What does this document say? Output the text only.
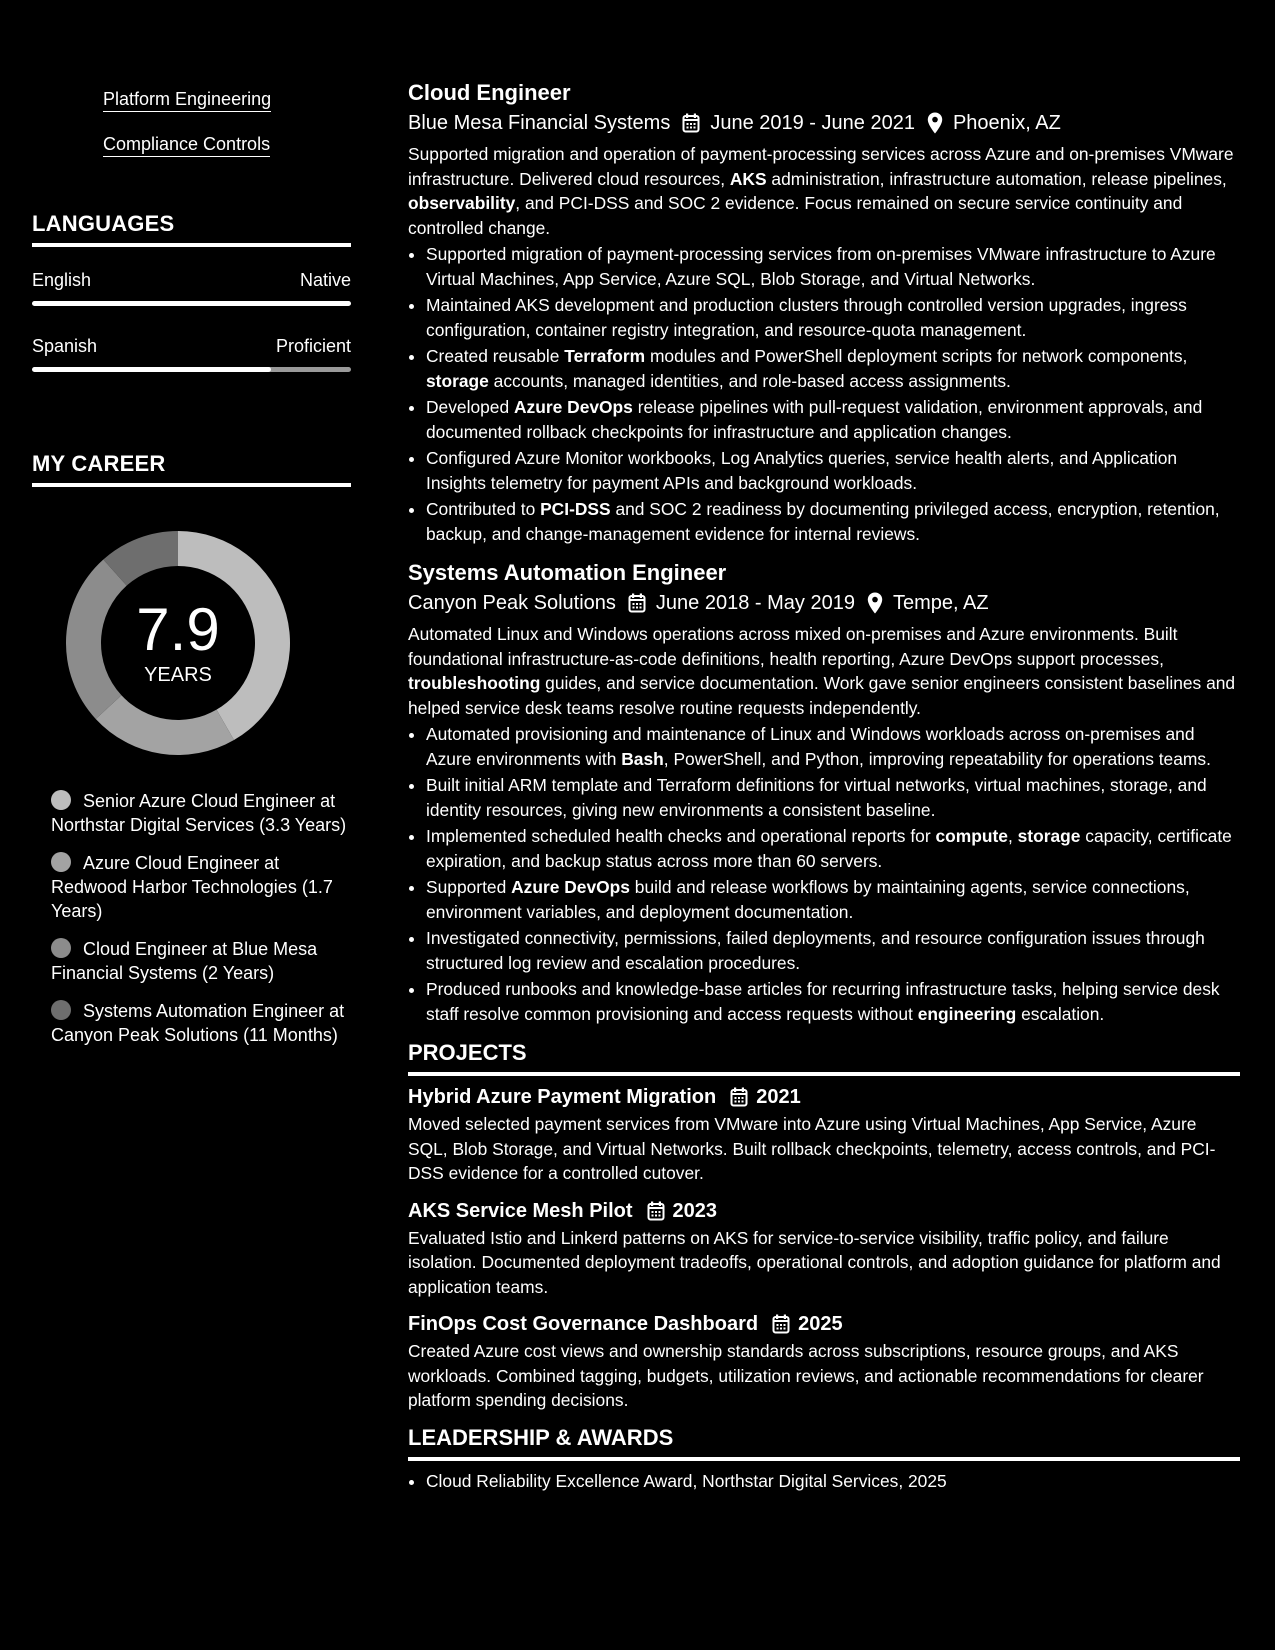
Platform Engineering
Compliance Controls
LANGUAGES
English	Native
Spanish	Proficient
MY CAREER
7.9
YEARS
Senior Azure Cloud Engineer at Northstar Digital Services (3.3 Years)
Azure Cloud Engineer at Redwood Harbor Technologies (1.7 Years)
Cloud Engineer at Blue Mesa Financial Systems (2 Years)
Systems Automation Engineer at Canyon Peak Solutions (11 Months)
Cloud Engineer
Blue Mesa Financial Systems June 2019 - June 2021 Phoenix, AZ
Supported migration and operation of payment-processing services across Azure and on-premises VMware infrastructure. Delivered cloud resources, AKS administration, infrastructure automation, release pipelines, observability, and PCI-DSS and SOC 2 evidence. Focus remained on secure service continuity and controlled change.
• Supported migration of payment-processing services from on-premises VMware infrastructure to Azure Virtual Machines, App Service, Azure SQL, Blob Storage, and Virtual Networks.
• Maintained AKS development and production clusters through controlled version upgrades, ingress configuration, container registry integration, and resource-quota management.
• Created reusable Terraform modules and PowerShell deployment scripts for network components, storage accounts, managed identities, and role-based access assignments.
• Developed Azure DevOps release pipelines with pull-request validation, environment approvals, and documented rollback checkpoints for infrastructure and application changes.
• Configured Azure Monitor workbooks, Log Analytics queries, service health alerts, and Application Insights telemetry for payment APIs and background workloads.
• Contributed to PCI-DSS and SOC 2 readiness by documenting privileged access, encryption, retention, backup, and change-management evidence for internal reviews.
Systems Automation Engineer
Canyon Peak Solutions June 2018 - May 2019 Tempe, AZ
Automated Linux and Windows operations across mixed on-premises and Azure environments. Built foundational infrastructure-as-code definitions, health reporting, Azure DevOps support processes, troubleshooting guides, and service documentation. Work gave senior engineers consistent baselines and helped service desk teams resolve routine requests independently.
• Automated provisioning and maintenance of Linux and Windows workloads across on-premises and Azure environments with Bash, PowerShell, and Python, improving repeatability for operations teams.
• Built initial ARM template and Terraform definitions for virtual networks, virtual machines, storage, and identity resources, giving new environments a consistent baseline.
• Implemented scheduled health checks and operational reports for compute, storage capacity, certificate expiration, and backup status across more than 60 servers.
• Supported Azure DevOps build and release workflows by maintaining agents, service connections, environment variables, and deployment documentation.
• Investigated connectivity, permissions, failed deployments, and resource configuration issues through structured log review and escalation procedures.
• Produced runbooks and knowledge-base articles for recurring infrastructure tasks, helping service desk staff resolve common provisioning and access requests without engineering escalation.
PROJECTS
Hybrid Azure Payment Migration 2021
Moved selected payment services from VMware into Azure using Virtual Machines, App Service, Azure SQL, Blob Storage, and Virtual Networks. Built rollback checkpoints, telemetry, access controls, and PCI-DSS evidence for a controlled cutover.
AKS Service Mesh Pilot 2023
Evaluated Istio and Linkerd patterns on AKS for service-to-service visibility, traffic policy, and failure isolation. Documented deployment tradeoffs, operational controls, and adoption guidance for platform and application teams.
FinOps Cost Governance Dashboard 2025
Created Azure cost views and ownership standards across subscriptions, resource groups, and AKS workloads. Combined tagging, budgets, utilization reviews, and actionable recommendations for clearer platform spending decisions.
LEADERSHIP & AWARDS
• Cloud Reliability Excellence Award, Northstar Digital Services, 2025
